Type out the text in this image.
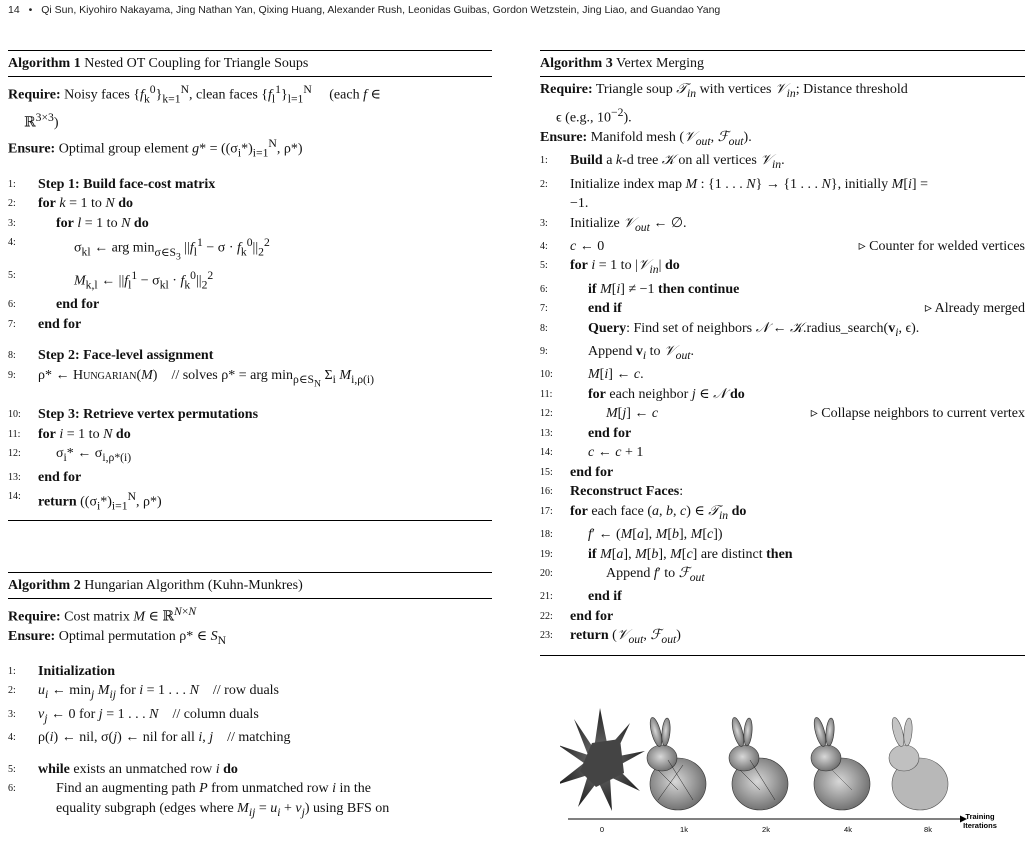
14 • Qi Sun, Kiyohiro Nakayama, Jing Nathan Yan, Qixing Huang, Alexander Rush, Leonidas Guibas, Gordon Wetzstein, Jing Liao, and Guandao Yang
Algorithm 1 Nested OT Coupling for Triangle Soups
Require: Noisy faces $\{f_k^0\}_{k=1}^N$, clean faces $\{f_l^1\}_{l=1}^N$     (each f ∈
ℝ$^{3\times 3}$)
Ensure: Optimal group element $g* = ((\sigma_i*)_{i=1}^N$, ρ*)
1:	Step 1: Build face-cost matrix
2:	for k = 1 to N do
3:	for l = 1 to N do
4:	$\sigma_{kl}$ ← arg $\min_{\sigma\in S_3} ||f_l^1 - \sigma \cdot f_k^0||_2^2$
5:	$M_{k,l}$ ← $||f_l^1 - \sigma_{kl} \cdot f_k^0||_2^2$
6:	end for
7:	end for
8:	Step 2: Face-level assignment
9:	ρ* ← Hungarian(M)    // solves ρ* = arg $\min_{\rho\in S_N} \Sigma_i$ $M_{i,\rho(i)}$
10:	Step 3: Retrieve vertex permutations
11:	for i = 1 to N do
12:	$\sigma_i*$ ← $\sigma_{i,\rho*(i)}$
13:	end for
14:	return ($(\sigma_i*)_{i=1}^N$, ρ*)
Algorithm 2 Hungarian Algorithm (Kuhn-Munkres)
Require: Cost matrix M ∈ ℝ$^{N\times N}$
Ensure: Optimal permutation ρ* ∈ $S_N$
1:	Initialization
2:	$u_i$ ← $\min_j M_{ij}$ for i = 1 . . . N    // row duals
3:	$v_j$ ← 0 for j = 1 . . . N    // column duals
4:	ρ(i) ← nil, σ(j) ← nil for all i, j    // matching
5:	while exists an unmatched row i do
6:	Find an augmenting path P from unmatched row i in the
equality subgraph (edges where $M_{ij} = u_i + v_j$) using BFS on
Algorithm 3 Vertex Merging
Require: Triangle soup 𝒯$_{in}$ with vertices 𝒱$_{in}$; Distance threshold
ϵ (e.g., $10^{-2}$).
Ensure: Manifold mesh (𝒱$_{out}$, ℱ$_{out}$).
1:	Build a k-d tree 𝒦 on all vertices 𝒱$_{in}$.
2:	Initialize index map M : {1 . . . N} → {1 . . . N}, initially M[i] =
−1.
3:	Initialize 𝒱$_{out}$ ← ∅.
4:	c ← 0	▹ Counter for welded vertices
5:	for i = 1 to |𝒱$_{in}$| do
6:	if M[i] ≠ −1 then continue
7:	end if	▹ Already merged
8:	Query: Find set of neighbors 𝒩 ← $𝒦.radius\_search(v_i$, ϵ).
9:	Append $v_i$ to 𝒱$_{out}$.
10:	M[i] ← c.
11:	for each neighbor j ∈ 𝒩 do
12:	M[j] ← c	▹ Collapse neighbors to current vertex
13:	end for
14:	c ← c + 1
15:	end for
16:	Reconstruct Faces :
17:	for each face (a, b, c) ∈ 𝒯$_{in}$ do
18:	f′ ← (M[a], M[b], M[c])
19:	if M[a], M[b], M[c] are distinct then
20:	Append f′ to ℱ$_{out}$
21:	end if
22:	end for
23:	return (𝒱$_{out}$, ℱ$_{out}$)
0	1k	2k	4k	8k
Training
Iterations
